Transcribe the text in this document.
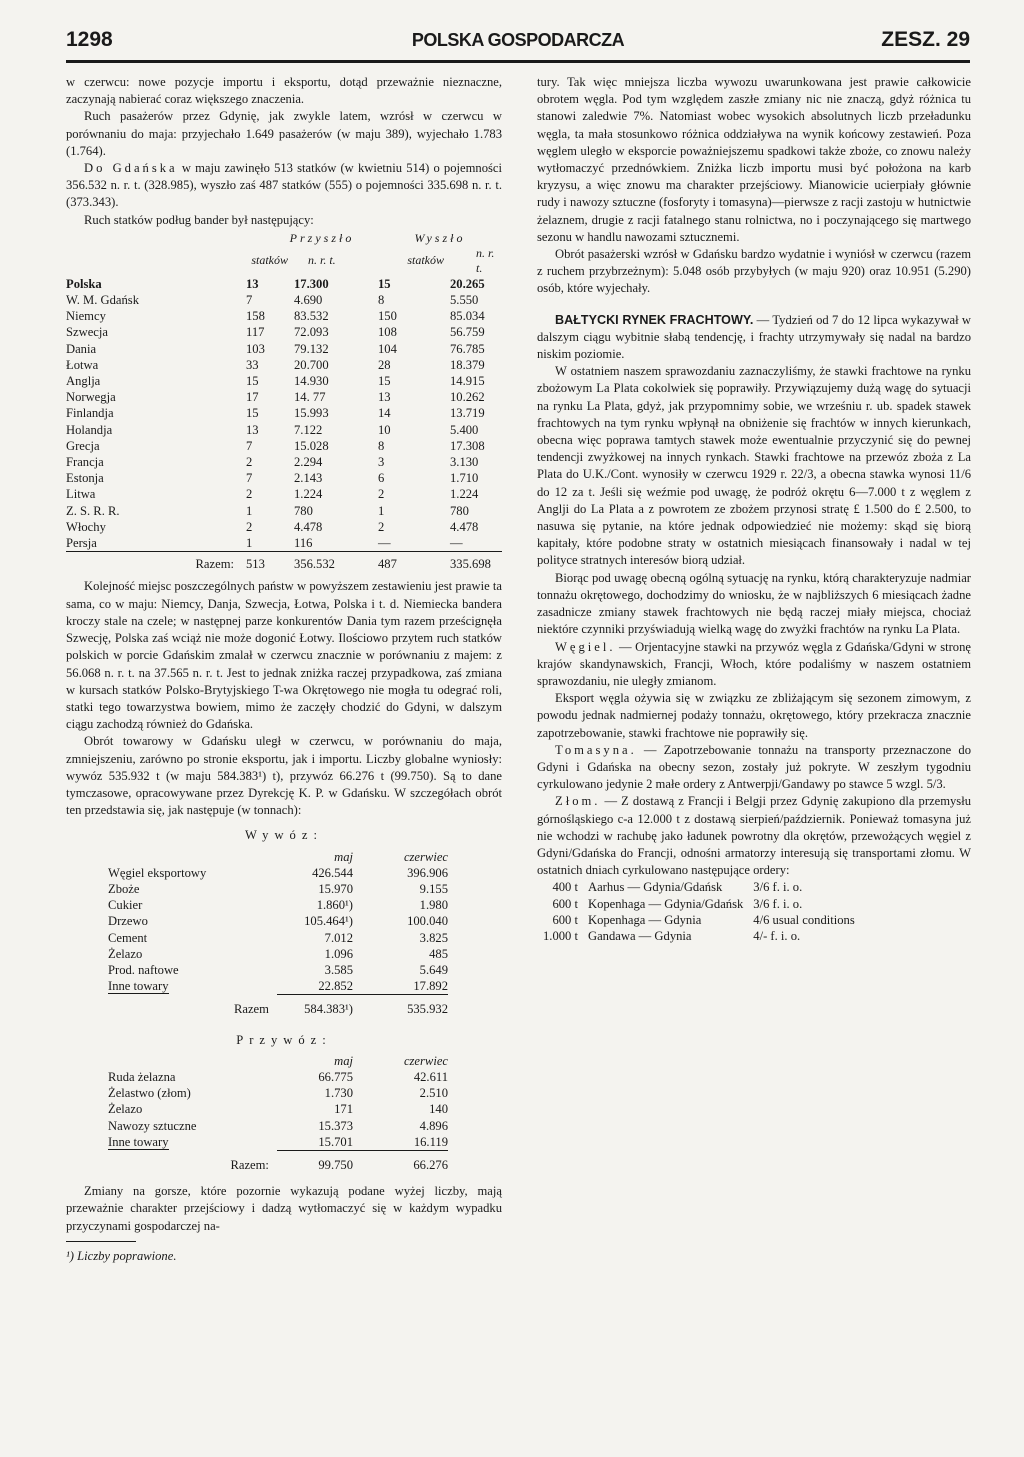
1298	POLSKA GOSPODARCZA	ZESZ. 29

w czerwcu: nowe pozycje importu i eksportu, dotąd przeważnie nieznaczne, zaczynają nabierać coraz większego znaczenia.

Ruch pasażerów przez Gdynię, jak zwykle latem, wzrósł w czerwcu w porównaniu do maja: przyjechało 1.649 pasażerów (w maju 389), wyjechało 1.783 (1.764).

Do Gdańska w maju zawinęło 513 statków (w kwietniu 514) o pojemności 356.532 n. r. t. (328.985), wyszło zaś 487 statków (555) o pojemności 335.698 n. r. t. (373.343).

Ruch statków podług bander był następujący:

	Przyszło		Wyszło	
	statków	n. r. t.	statków	n. r. t.
Polska	13	17.300	15	20.265
W. M. Gdańsk	7	4.690	8	5.550
Niemcy	158	83.532	150	85.034
Szwecja	117	72.093	108	56.759
Dania	103	79.132	104	76.785
Łotwa	33	20.700	28	18.379
Anglja	15	14.930	15	14.915
Norwegja	17	14. 77	13	10.262
Finlandja	15	15.993	14	13.719
Holandja	13	7.122	10	5.400
Grecja	7	15.028	8	17.308
Francja	2	2.294	3	3.130
Estonja	7	2.143	6	1.710
Litwa	2	1.224	2	1.224
Z. S. R. R.	1	780	1	780
Włochy	2	4.478	2	4.478
Persja	1	116	—	—
Razem:	513	356.532	487	335.698

Kolejność miejsc poszczególnych państw w powyższem zestawieniu jest prawie ta sama, co w maju: Niemcy, Danja, Szwecja, Łotwa, Polska i t. d. Niemiecka bandera kroczy stale na czele; w następnej parze konkurentów Dania tym razem prześcignęła Szwecję, Polska zaś wciąż nie może dogonić Łotwy. Ilościowo przytem ruch statków polskich w porcie Gdańskim zmalał w czerwcu znacznie w porównaniu z majem: z 56.068 n. r. t. na 37.565 n. r. t. Jest to jednak zniżka raczej przypadkowa, zaś zmiana w kursach statków Polsko-Brytyjskiego T-wa Okrętowego nie mogła tu odegrać roli, statki tego towarzystwa bowiem, mimo że zaczęły chodzić do Gdyni, w dalszym ciągu zachodzą również do Gdańska.

Obrót towarowy w Gdańsku uległ w czerwcu, w porównaniu do maja, zmniejszeniu, zarówno po stronie eksportu, jak i importu. Liczby globalne wyniosły: wywóz 535.932 t (w maju 584.383¹) t), przywóz 66.276 t (99.750). Są to dane tymczasowe, opracowywane przez Dyrekcję K. P. w Gdańsku. W szczegółach obrót ten przedstawia się, jak następuje (w tonnach):

Wywóz:
	maj	czerwiec
Węgiel eksportowy	426.544	396.906
Zboże	15.970	9.155
Cukier	1.860¹)	1.980
Drzewo	105.464¹)	100.040
Cement	7.012	3.825
Żelazo	1.096	485
Prod. naftowe	3.585	5.649
Inne towary	22.852	17.892
Razem	584.383¹)	535.932
Przywóz:
	maj	czerwiec
Ruda żelazna	66.775	42.611
Żelastwo (złom)	1.730	2.510
Żelazo	171	140
Nawozy sztuczne	15.373	4.896
Inne towary	15.701	16.119
Razem:	99.750	66.276

Zmiany na gorsze, które pozornie wykazują podane wyżej liczby, mają przeważnie charakter przejściowy i dadzą wytłomaczyć się w każdym wypadku przyczynami gospodarczej na-

¹) Liczby poprawione.

tury. Tak więc mniejsza liczba wywozu uwarunkowana jest prawie całkowicie obrotem węgla. Pod tym względem zaszłe zmiany nic nie znaczą, gdyż różnica tu stanowi zaledwie 7%. Natomiast wobec wysokich absolutnych liczb przeładunku węgla, ta mała stosunkowo różnica oddziaływa na wynik końcowy zestawień. Poza węglem uległo w eksporcie poważniejszemu spadkowi także zboże, co znowu należy wytłomaczyć przednówkiem. Zniżka liczb importu musi być położona na karb kryzysu, a więc znowu ma charakter przejściowy. Mianowicie ucierpiały głównie rudy i nawozy sztuczne (fosforyty i tomasyna)—pierwsze z racji zastoju w hutnictwie żelaznem, drugie z racji fatalnego stanu rolnictwa, no i poczynającego się martwego sezonu w handlu nawozami sztucznemi.

Obrót pasażerski wzrósł w Gdańsku bardzo wydatnie i wyniósł w czerwcu (razem z ruchem przybrzeżnym): 5.048 osób przybyłych (w maju 920) oraz 10.951 (5.290) osób, które wyjechały.

BAŁTYCKI RYNEK FRACHTOWY. — Tydzień od 7 do 12 lipca wykazywał w dalszym ciągu wybitnie słabą tendencję, i frachty utrzymywały się nadal na bardzo niskim poziomie.

W ostatniem naszem sprawozdaniu zaznaczyliśmy, że stawki frachtowe na rynku zbożowym La Plata cokolwiek się poprawiły. Przywiązujemy dużą wagę do sytuacji na rynku La Plata, gdyż, jak przypomnimy sobie, we wrześniu r. ub. spadek stawek frachtowych na tym rynku wpłynął na obniżenie się frachtów w innych kierunkach, obecna więc poprawa tamtych stawek może ewentualnie przyczynić się do pewnej tendencji zwyżkowej na innych rynkach. Stawki frachtowe na przewóz zboża z La Plata do U.K./Cont. wynosiły w czerwcu 1929 r. 22/3, a obecna stawka wynosi 11/6 do 12 za t. Jeśli się weźmie pod uwagę, że podróż okrętu 6—7.000 t z węglem z Anglji do La Plata a z powrotem ze zbożem przynosi stratę £ 1.500 do £ 2.500, to nasuwa się pytanie, na które jednak odpowiedzieć nie możemy: skąd się biorą kapitały, które podobne straty w ostatnich miesiącach finansowały i nadal w tej polityce stratnych interesów biorą udział.

Biorąc pod uwagę obecną ogólną sytuację na rynku, którą charakteryzuje nadmiar tonnażu okrętowego, dochodzimy do wniosku, że w najbliższych 6 miesiącach żadne zasadnicze zmiany stawek frachtowych nie będą raczej miały miejsca, chociaż niektóre czynniki przyświadują wielką wagę do zwyżki frachtów na rynku La Plata.

Węgiel. — Orjentacyjne stawki na przywóz węgla z Gdańska/Gdyni w stronę krajów skandynawskich, Francji, Włoch, które podaliśmy w naszem ostatniem sprawozdaniu, nie uległy zmianom.

Eksport węgla ożywia się w związku ze zbliżającym się sezonem zimowym, z powodu jednak nadmiernej podaży tonnażu, okrętowego, który przekracza znacznie zapotrzebowanie, stawki frachtowe nie poprawiły się.

Tomasyna. — Zapotrzebowanie tonnażu na transporty przeznaczone do Gdyni i Gdańska na obecny sezon, zostały już pokryte. W zeszłym tygodniu cyrkulowano jedynie 2 małe ordery z Antwerpji/Gandawy po stawce 5 wzgl. 5/3.

Złom. — Z dostawą z Francji i Belgji przez Gdynię zakupiono dla przemysłu górnośląskiego c-a 12.000 t z dostawą sierpień/październik. Ponieważ tomasyna już nie wchodzi w rachubę jako ładunek powrotny dla okrętów, przewożących węgiel z Gdyni/Gdańska do Francji, odnośni armatorzy interesują się transportami złomu. W ostatnich dniach cyrkulowano następujące ordery:

400 t	Aarhus — Gdynia/Gdańsk	3/6 f. i. o.
600 t	Kopenhaga — Gdynia/Gdańsk	3/6 f. i. o.
600 t	Kopenhaga — Gdynia	4/6 usual conditions
1.000 t	Gandawa — Gdynia	4/- f. i. o.
